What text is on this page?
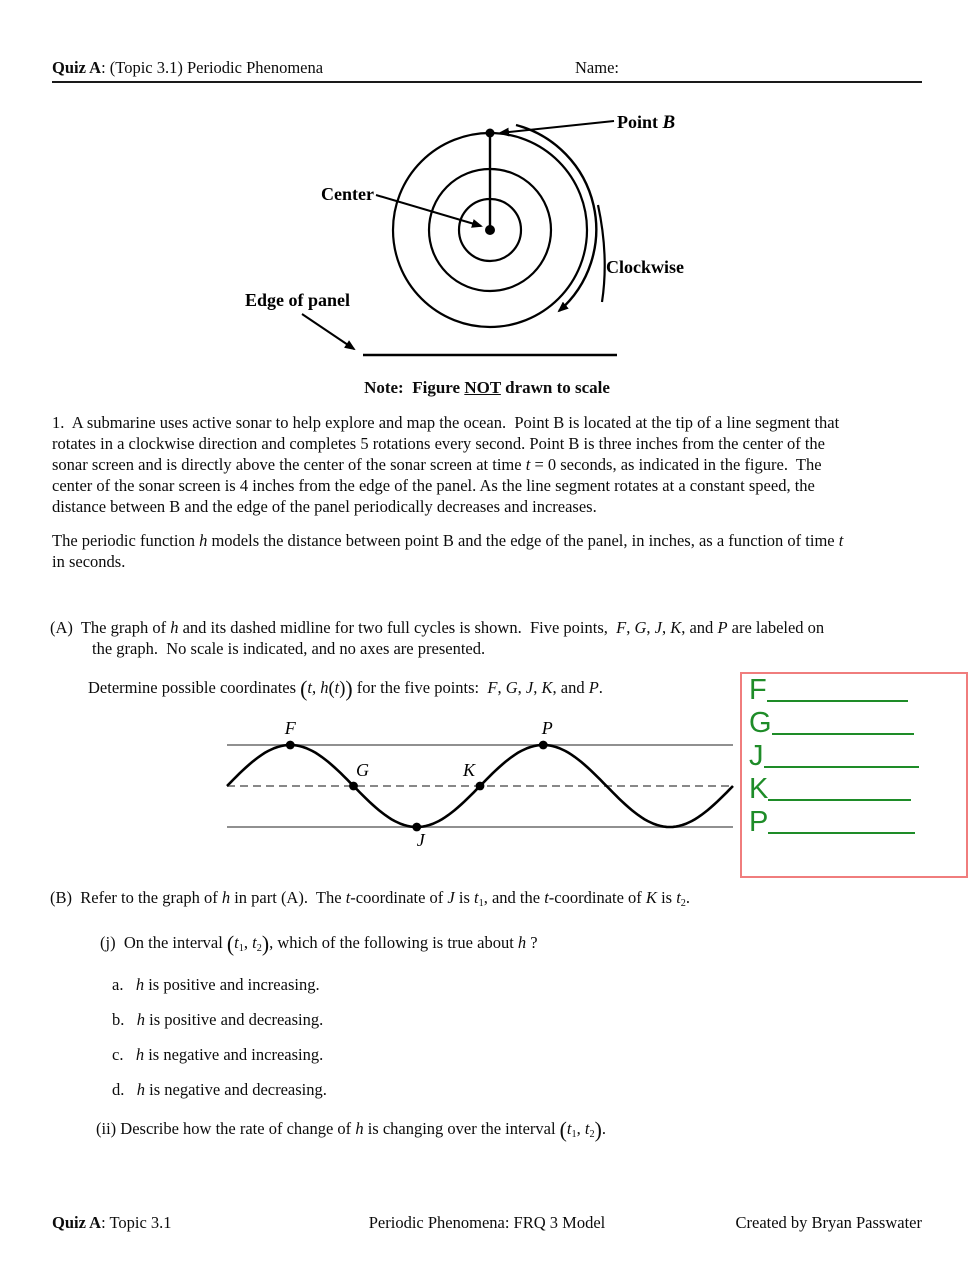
Quiz A: (Topic 3.1) Periodic Phenomena	Name:
Point B
Center
Clockwise
Edge of panel
Note:  Figure NOT drawn to scale
1.  A submarine uses active sonar to help explore and map the ocean.  Point B is located at the tip of a line segment that
rotates in a clockwise direction and completes 5 rotations every second. Point B is three inches from the center of the
sonar screen and is directly above the center of the sonar screen at time t = 0 seconds, as indicated in the figure.  The
center of the sonar screen is 4 inches from the edge of the panel. As the line segment rotates at a constant speed, the
distance between B and the edge of the panel periodically decreases and increases.
The periodic function h models the distance between point B and the edge of the panel, in inches, as a function of time t
in seconds.
(A)  The graph of h and its dashed midline for two full cycles is shown.  Five points,  F, G, J, K, and P are labeled on
the graph.  No scale is indicated, and no axes are presented.
Determine possible coordinates (t, h(t)) for the five points:  F, G, J, K, and P.
F
G
J
K
P
F
G
J
K
P
(B)  Refer to the graph of h in part (A).  The t-coordinate of J is t1, and the t-coordinate of K is t2.
(j)  On the interval (t1, t2), which of the following is true about h ?
a.   h is positive and increasing.
b.   h is positive and decreasing.
c.   h is negative and increasing.
d.   h is negative and decreasing.
(ii) Describe how the rate of change of h is changing over the interval (t1, t2).
Periodic Phenomena: FRQ 3 Model	Created by Bryan Passwater
Quiz A: Topic 3.1
